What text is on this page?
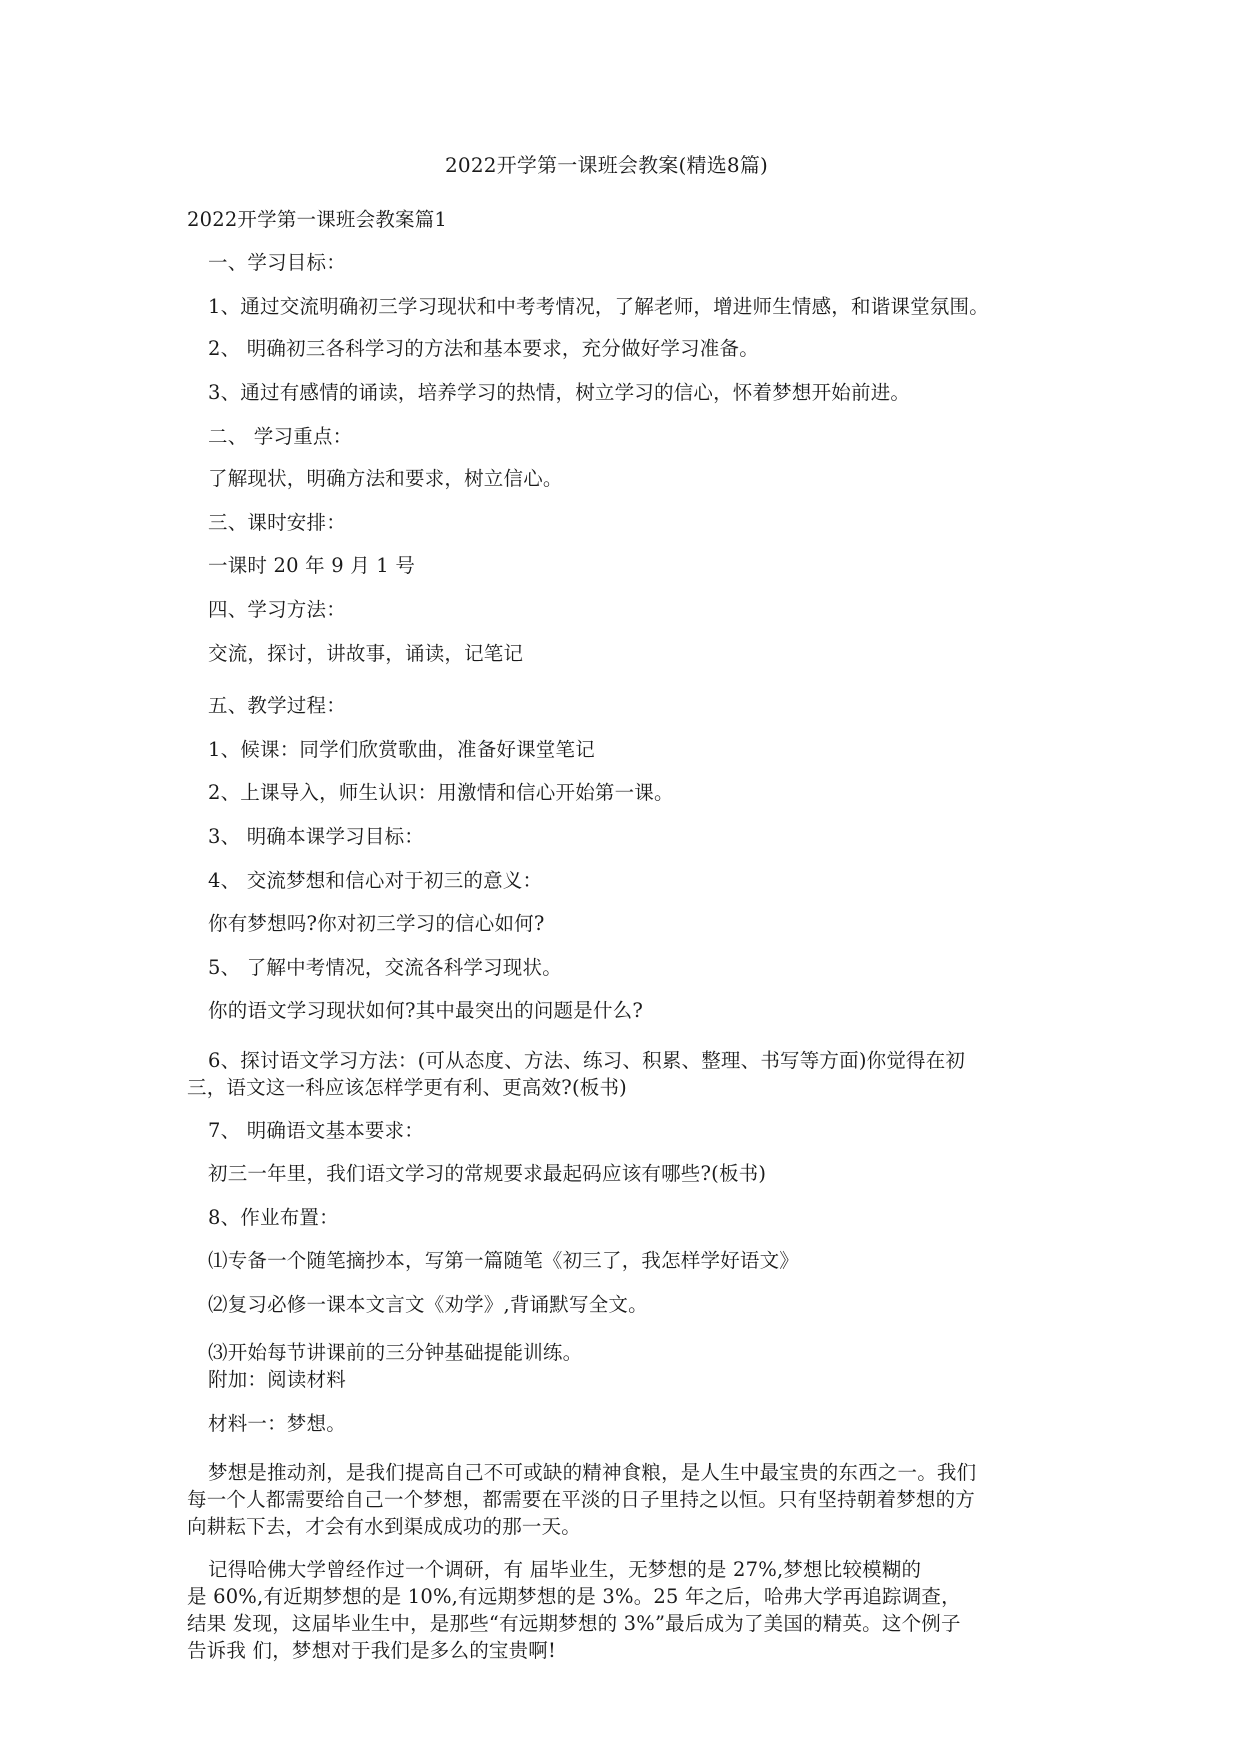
2022开学第一课班会教案(精选8篇)
2022开学第一课班会教案篇1
一、学习目标：
1、通过交流明确初三学习现状和中考考情况，了解老师，增进师生情感，和谐课堂氛围。
2、 明确初三各科学习的方法和基本要求，充分做好学习准备。
3、通过有感情的诵读，培养学习的热情，树立学习的信心，怀着梦想开始前进。
二、 学习重点：
了解现状，明确方法和要求，树立信心。
三、课时安排：
一课时 20 年 9 月 1 号
四、学习方法：
交流，探讨，讲故事，诵读，记笔记
五、教学过程：
1、候课：同学们欣赏歌曲，准备好课堂笔记
2、上课导入，师生认识：用激情和信心开始第一课。
3、 明确本课学习目标：
4、 交流梦想和信心对于初三的意义：
你有梦想吗?你对初三学习的信心如何?
5、 了解中考情况，交流各科学习现状。
你的语文学习现状如何?其中最突出的问题是什么?
6、探讨语文学习方法：(可从态度、方法、练习、积累、整理、书写等方面)你觉得在初
三，语文这一科应该怎样学更有利、更高效?(板书)
7、 明确语文基本要求：
初三一年里，我们语文学习的常规要求最起码应该有哪些?(板书)
8、作业布置：
⑴专备一个随笔摘抄本，写第一篇随笔《初三了，我怎样学好语文》
⑵复习必修一课本文言文《劝学》,背诵默写全文。
⑶开始每节讲课前的三分钟基础提能训练。
附加：阅读材料
材料一：梦想。
梦想是推动剂，是我们提高自己不可或缺的精神食粮，是人生中最宝贵的东西之一。我们
每一个人都需要给自己一个梦想，都需要在平淡的日子里持之以恒。只有坚持朝着梦想的方
向耕耘下去，才会有水到渠成成功的那一天。
记得哈佛大学曾经作过一个调研，有 届毕业生，无梦想的是 27%,梦想比较模糊的
是 60%,有近期梦想的是 10%,有远期梦想的是 3%。25 年之后，哈弗大学再追踪调查，
结果 发现，这届毕业生中，是那些“有远期梦想的 3%”最后成为了美国的精英。这个例子
告诉我 们，梦想对于我们是多么的宝贵啊!
